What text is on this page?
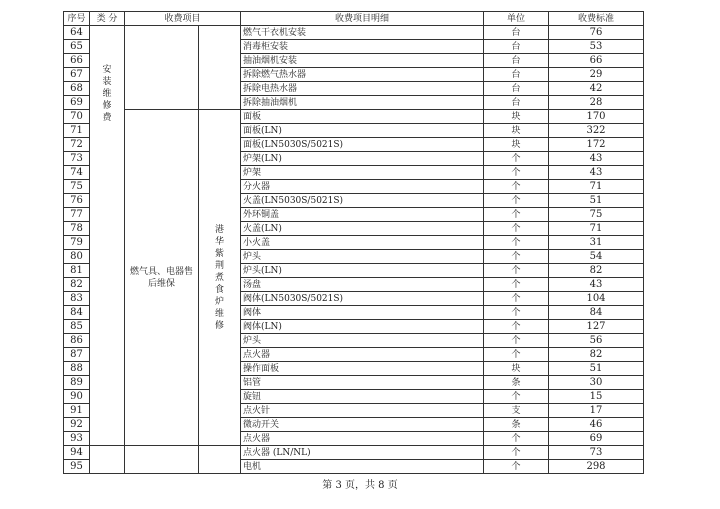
序号	类 分	收费项目		收费项目明细	单位	收费标准
64	安装维修费			燃气干衣机安装	台	76
65				消毒柜安装	台	53
66				抽油烟机安装	台	66
67				拆除燃气热水器	台	29
68				拆除电热水器	台	42
69				拆除抽油烟机	台	28
70		燃气具、电器售后维保	港华紫荆煮食炉维修	面板	块	170
71				面板(LN)	块	322
72				面板(LN5030S/5021S)	块	172
73				炉架(LN)	个	43
74				炉架	个	43
75				分火器	个	71
76				火盖(LN5030S/5021S)	个	51
77				外环铜盖	个	75
78				火盖(LN)	个	71
79				小火盖	个	31
80				炉头	个	54
81				炉头(LN)	个	82
82				汤盘	个	43
83				阀体(LN5030S/5021S)	个	104
84				阀体	个	84
85				阀体(LN)	个	127
86				炉头	个	56
87				点火器	个	82
88				操作面板	块	51
89				铝管	条	30
90				旋钮	个	15
91				点火针	支	17
92				微动开关	条	46
93				点火器	个	69
94				点火器 (LN/NL)	个	73
95				电机	个	298
第 3 页，共 8 页
